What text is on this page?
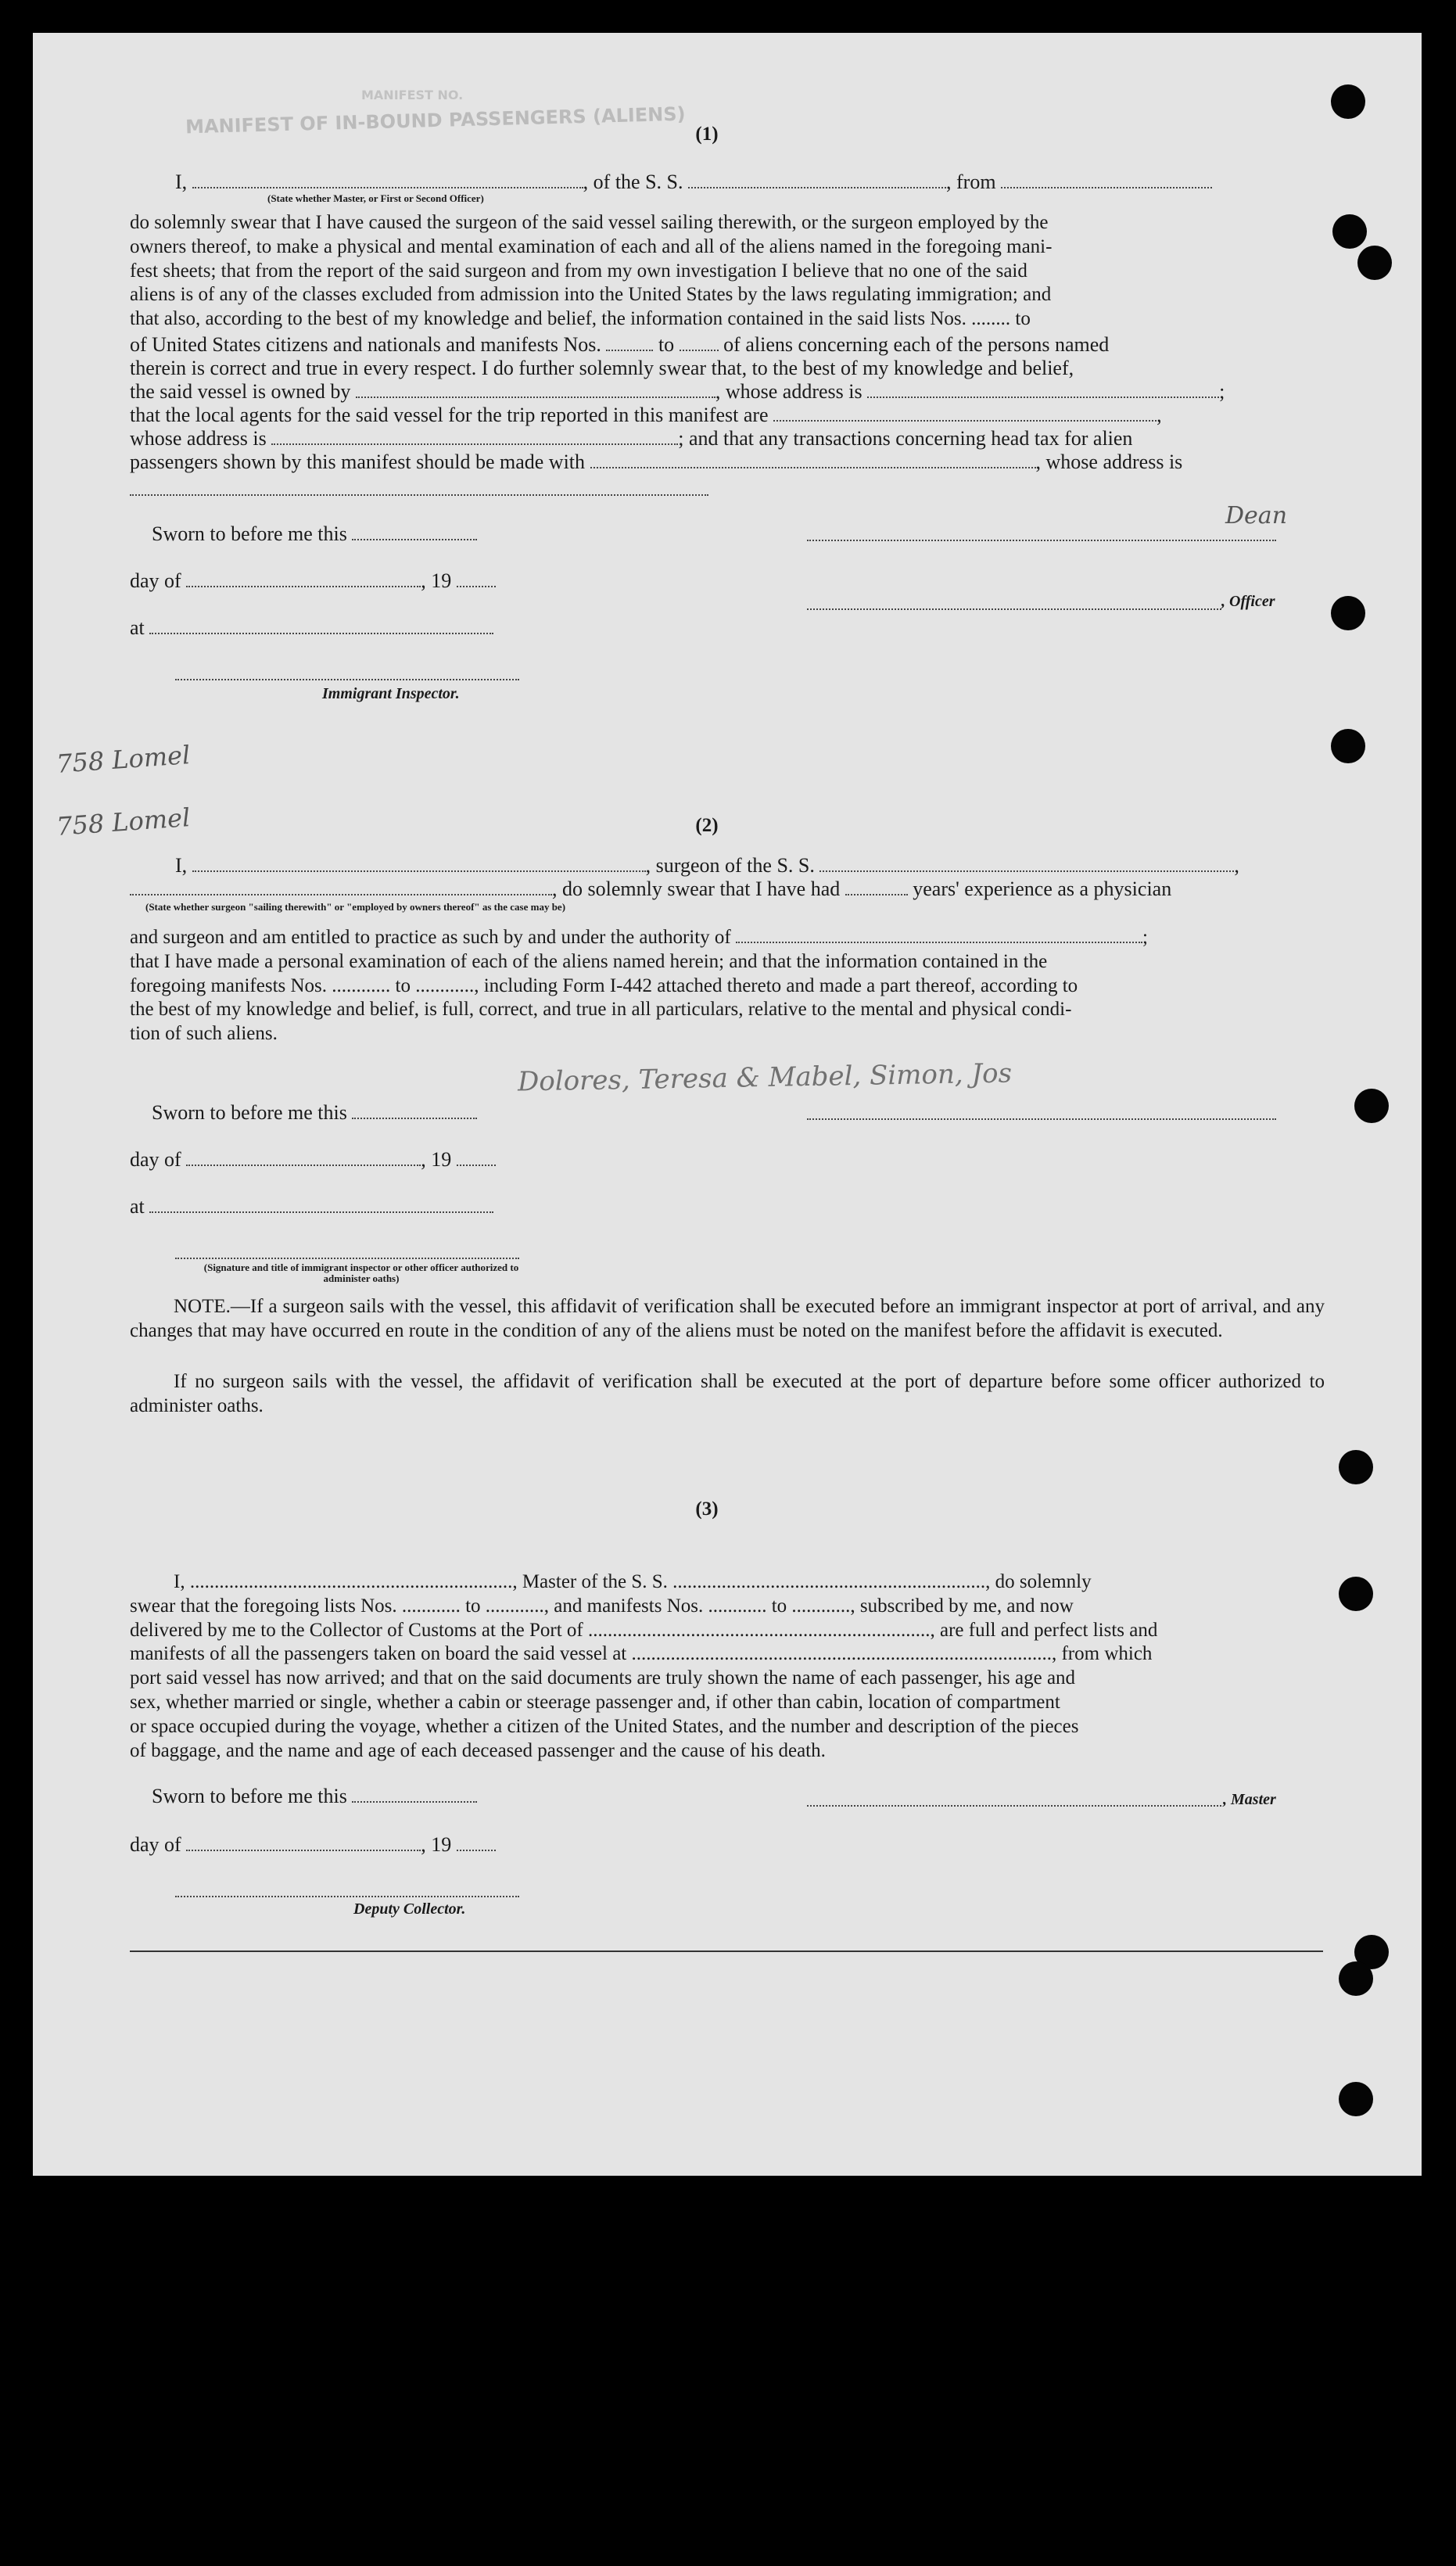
MANIFEST OF IN-BOUND PASSENGERS (ALIENS)
MANIFEST NO.
(1)
I,	, of the S. S.	, from
(State whether Master, or First or Second Officer)
do solemnly swear that I have caused the surgeon of the said vessel sailing therewith, or the surgeon employed by the
owners thereof, to make a physical and mental examination of each and all of the aliens named in the foregoing mani-
fest sheets; that from the report of the said surgeon and from my own investigation I believe that no one of the said
aliens is of any of the classes excluded from admission into the United States by the laws regulating immigration; and
that also, according to the best of my knowledge and belief, the information contained in the said lists Nos. ........ to
of United States citizens and nationals and manifests Nos.	to of aliens concerning each of the persons named
therein is correct and true in every respect. I do further solemnly swear that, to the best of my knowledge and belief,
the said vessel is owned by	, whose address is	;
that the local agents for the said vessel for the trip reported in this manifest are	,
whose address is	; and that any transactions concerning head tax for alien
passengers shown by this manifest should be made with	, whose address is
Sworn to before me this
day of	, 19
, Officer
at
Immigrant Inspector.
758 Lomel
758 Lomel
Dean
(2)
I,	, surgeon of the S. S.	,
, do solemnly swear that I have had	years' experience as a physician
(State whether surgeon "sailing therewith" or "employed by owners thereof" as the case may be)
and surgeon and am entitled to practice as such by and under the authority of	;
that I have made a personal examination of each of the aliens named herein; and that the information contained in the
foregoing manifests Nos. ............ to ............, including Form I-442 attached thereto and made a part thereof, according to
the best of my knowledge and belief, is full, correct, and true in all particulars, relative to the mental and physical condi-
tion of such aliens.
Dolores, Teresa & Mabel, Simon, Jos
Sworn to before me this
day of	, 19
at
(Signature and title of immigrant inspector or other officer authorized to administer oaths)
NOTE.—If a surgeon sails with the vessel, this affidavit of verification shall be executed before an immigrant inspector at port of arrival, and any changes that may have occurred en route in the condition of any of the aliens must be noted on the manifest before the affidavit is executed.
If no surgeon sails with the vessel, the affidavit of verification shall be executed at the port of departure before some officer authorized to administer oaths.
(3)
I, .................................................................., Master of the S. S. ................................................................, do solemnly
swear that the foregoing lists Nos. ............ to ............, and manifests Nos. ............ to ............, subscribed by me, and now
delivered by me to the Collector of Customs at the Port of ......................................................................, are full and perfect lists and
manifests of all the passengers taken on board the said vessel at ......................................................................................, from which
port said vessel has now arrived; and that on the said documents are truly shown the name of each passenger, his age and
sex, whether married or single, whether a cabin or steerage passenger and, if other than cabin, location of compartment
or space occupied during the voyage, whether a citizen of the United States, and the number and description of the pieces
of baggage, and the name and age of each deceased passenger and the cause of his death.
Sworn to before me this	, Master
day of	, 19
Deputy Collector.
